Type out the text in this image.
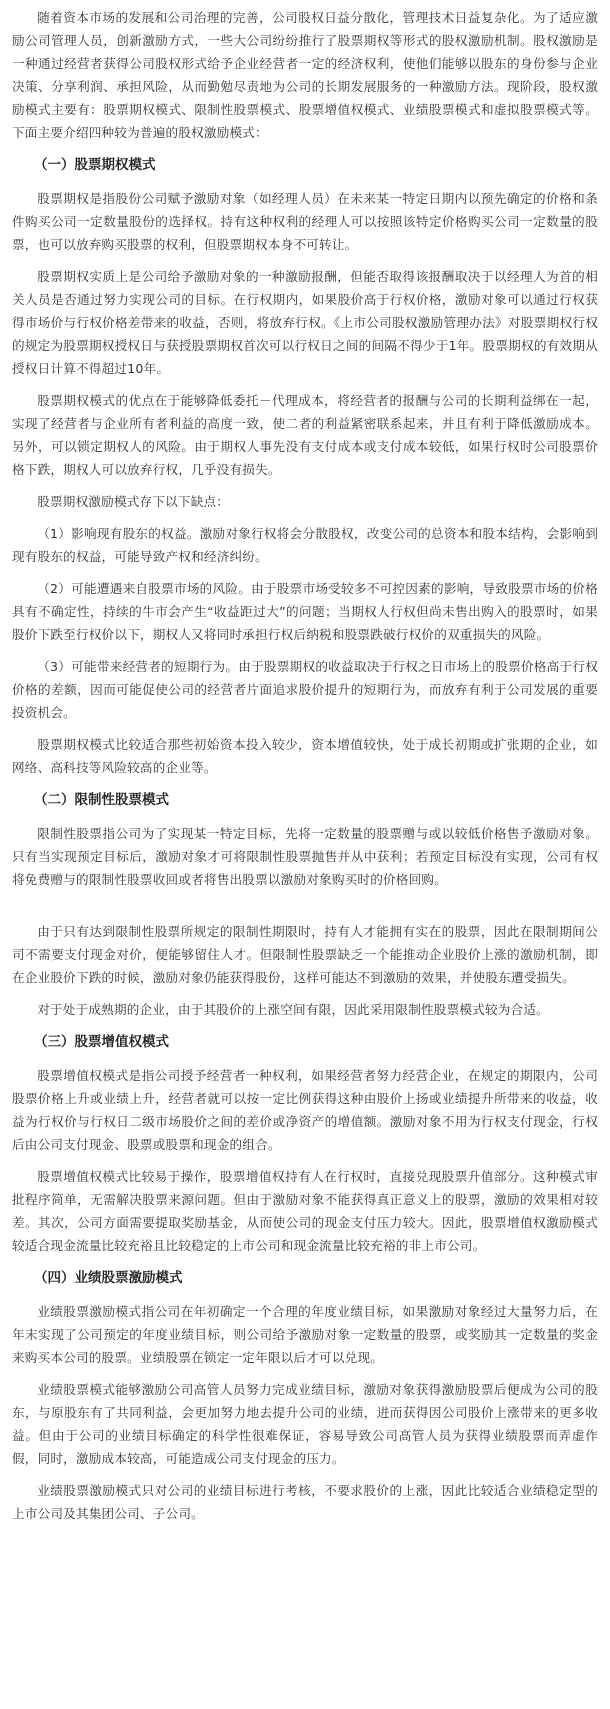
随着资本市场的发展和公司治理的完善，公司股权日益分散化，管理技术日益复杂化。为了适应激励公司管理人员，创新激励方式，一些大公司纷纷推行了股票期权等形式的股权激励机制。股权激励是一种通过经营者获得公司股权形式给予企业经营者一定的经济权利，使他们能够以股东的身份参与企业决策、分享利润、承担风险，从而勤勉尽责地为公司的长期发展服务的一种激励方法。现阶段，股权激励模式主要有：股票期权模式、限制性股票模式、股票增值权模式、业绩股票模式和虚拟股票模式等。下面主要介绍四种较为普遍的股权激励模式：

（一）股票期权模式

股票期权是指股份公司赋予激励对象（如经理人员）在未来某一特定日期内以预先确定的价格和条件购买公司一定数量股份的选择权。持有这种权利的经理人可以按照该特定价格购买公司一定数量的股票，也可以放弃购买股票的权利，但股票期权本身不可转让。

股票期权实质上是公司给予激励对象的一种激励报酬，但能否取得该报酬取决于以经理人为首的相关人员是否通过努力实现公司的目标。在行权期内，如果股价高于行权价格，激励对象可以通过行权获得市场价与行权价格差带来的收益，否则，将放弃行权。《上市公司股权激励管理办法》对股票期权行权的规定为股票期权授权日与获授股票期权首次可以行权日之间的间隔不得少于1年。股票期权的有效期从授权日计算不得超过10年。

股票期权模式的优点在于能够降低委托－代理成本，将经营者的报酬与公司的长期利益绑在一起，实现了经营者与企业所有者利益的高度一致，使二者的利益紧密联系起来，并且有利于降低激励成本。另外，可以锁定期权人的风险。由于期权人事先没有支付成本或支付成本较低，如果行权时公司股票价格下跌，期权人可以放弃行权，几乎没有损失。

股票期权激励模式存下以下缺点：

（1）影响现有股东的权益。激励对象行权将会分散股权，改变公司的总资本和股本结构，会影响到现有股东的权益，可能导致产权和经济纠纷。

（2）可能遭遇来自股票市场的风险。由于股票市场受较多不可控因素的影响，导致股票市场的价格具有不确定性，持续的牛市会产生“收益距过大”的问题；当期权人行权但尚未售出购入的股票时，如果股价下跌至行权价以下，期权人又将同时承担行权后纳税和股票跌破行权价的双重损失的风险。

（3）可能带来经营者的短期行为。由于股票期权的收益取决于行权之日市场上的股票价格高于行权价格的差额，因而可能促使公司的经营者片面追求股价提升的短期行为，而放弃有利于公司发展的重要投资机会。

股票期权模式比较适合那些初始资本投入较少，资本增值较快，处于成长初期或扩张期的企业，如网络、高科技等风险较高的企业等。

（二）限制性股票模式

限制性股票指公司为了实现某一特定目标，先将一定数量的股票赠与或以较低价格售予激励对象。只有当实现预定目标后，激励对象才可将限制性股票抛售并从中获利；若预定目标没有实现，公司有权将免费赠与的限制性股票收回或者将售出股票以激励对象购买时的价格回购。

由于只有达到限制性股票所规定的限制性期限时，持有人才能拥有实在的股票，因此在限制期间公司不需要支付现金对价，便能够留住人才。但限制性股票缺乏一个能推动企业股价上涨的激励机制，即在企业股价下跌的时候，激励对象仍能获得股份，这样可能达不到激励的效果，并使股东遭受损失。

对于处于成熟期的企业，由于其股价的上涨空间有限，因此采用限制性股票模式较为合适。

（三）股票增值权模式

股票增值权模式是指公司授予经营者一种权利，如果经营者努力经营企业，在规定的期限内，公司股票价格上升或业绩上升，经营者就可以按一定比例获得这种由股价上扬或业绩提升所带来的收益，收益为行权价与行权日二级市场股价之间的差价或净资产的增值额。激励对象不用为行权支付现金，行权后由公司支付现金、股票或股票和现金的组合。

股票增值权模式比较易于操作，股票增值权持有人在行权时，直接兑现股票升值部分。这种模式审批程序简单，无需解决股票来源问题。但由于激励对象不能获得真正意义上的股票，激励的效果相对较差。其次，公司方面需要提取奖励基金，从而使公司的现金支付压力较大。因此，股票增值权激励模式较适合现金流量比较充裕且比较稳定的上市公司和现金流量比较充裕的非上市公司。

（四）业绩股票激励模式

业绩股票激励模式指公司在年初确定一个合理的年度业绩目标，如果激励对象经过大量努力后，在年末实现了公司预定的年度业绩目标，则公司给予激励对象一定数量的股票，或奖励其一定数量的奖金来购买本公司的股票。业绩股票在锁定一定年限以后才可以兑现。

业绩股票模式能够激励公司高管人员努力完成业绩目标，激励对象获得激励股票后便成为公司的股东，与原股东有了共同利益，会更加努力地去提升公司的业绩，进而获得因公司股价上涨带来的更多收益。但由于公司的业绩目标确定的科学性很难保证，容易导致公司高管人员为获得业绩股票而弄虚作假，同时，激励成本较高，可能造成公司支付现金的压力。

业绩股票激励模式只对公司的业绩目标进行考核，不要求股价的上涨，因此比较适合业绩稳定型的上市公司及其集团公司、子公司。
